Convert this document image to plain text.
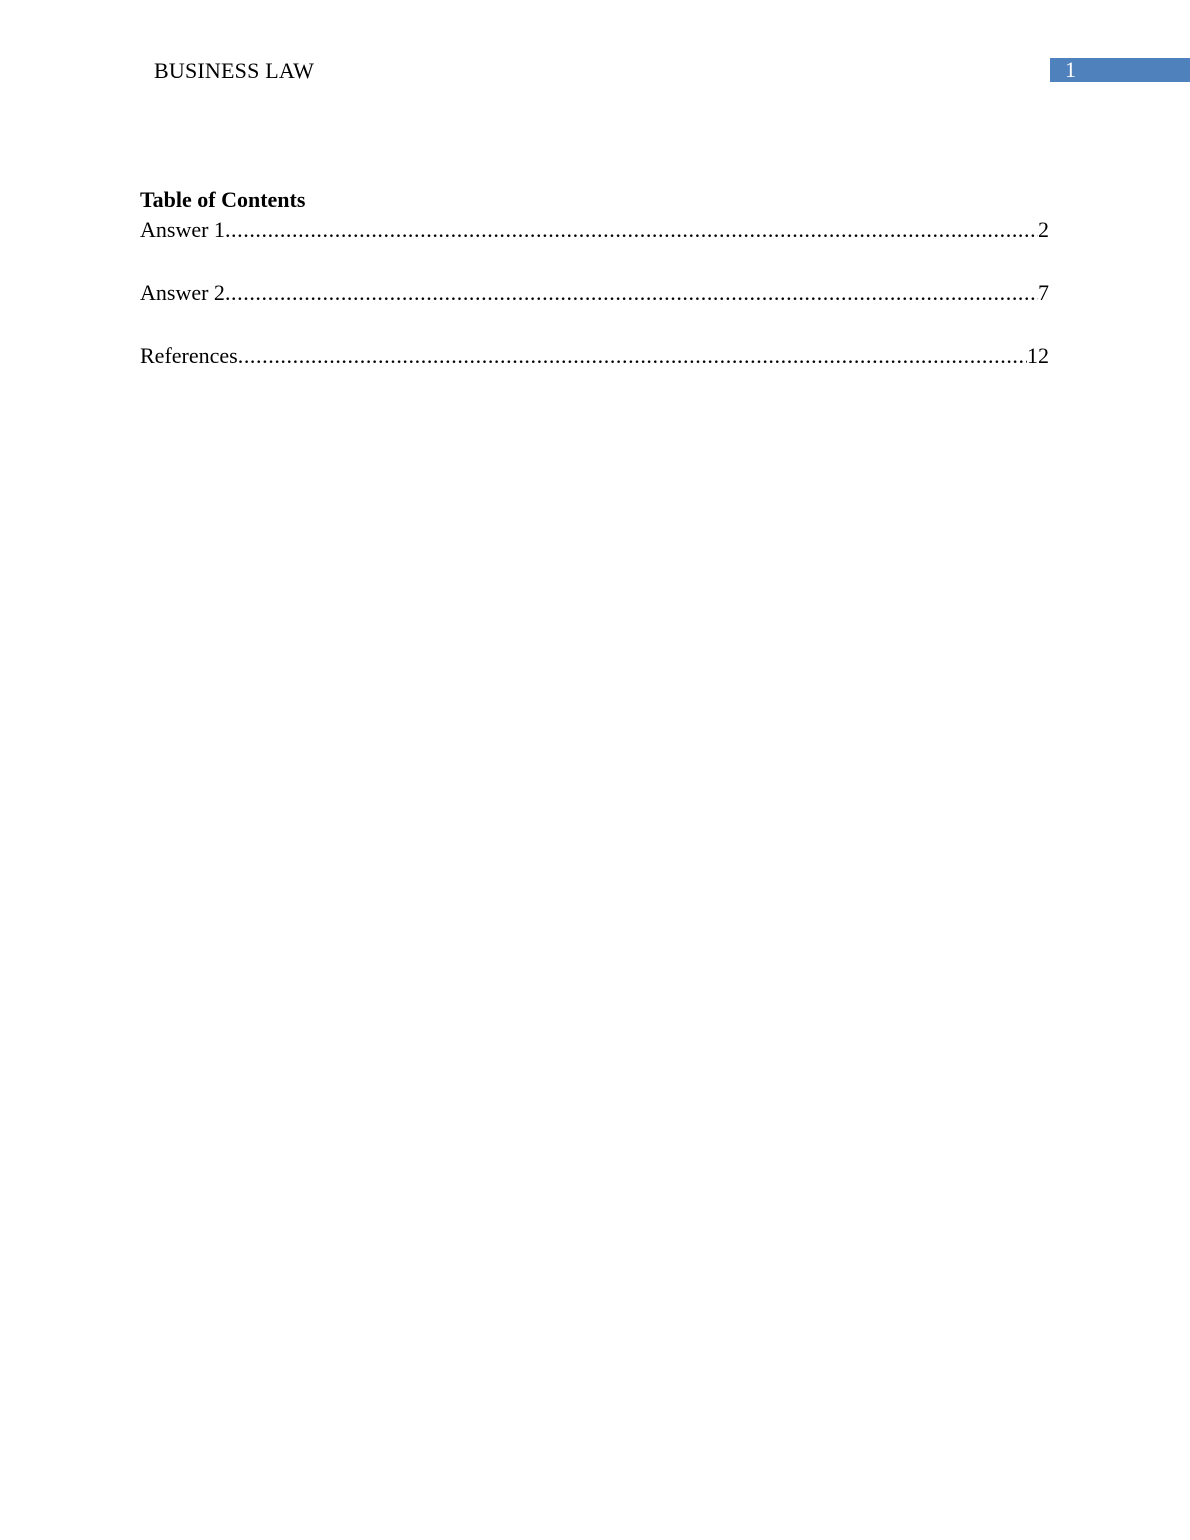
BUSINESS LAW	1
Table of Contents
Answer 1 .....	2
Answer 2 .....	7
References .....	12
